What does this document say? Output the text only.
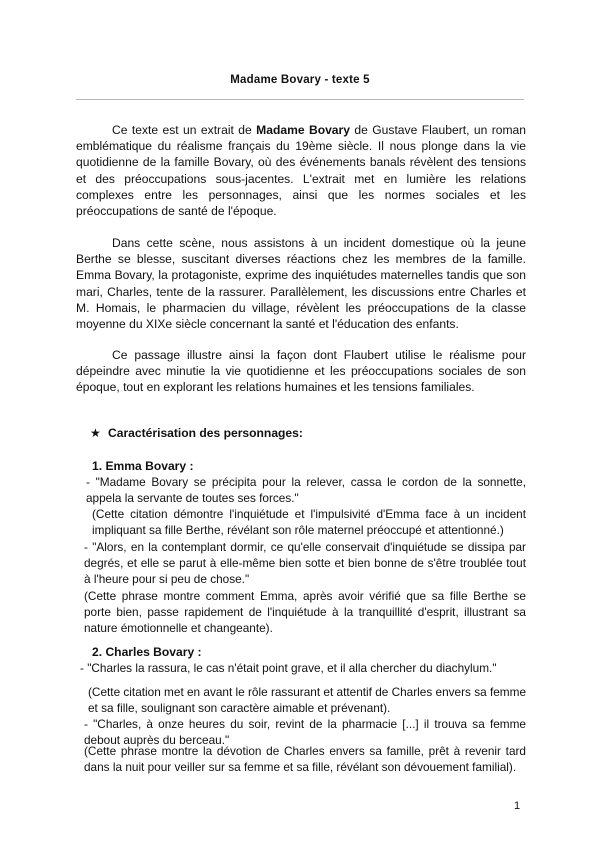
Madame Bovary - texte 5

Ce texte est un extrait de Madame Bovary de Gustave Flaubert, un roman emblématique du réalisme français du 19ème siècle. Il nous plonge dans la vie quotidienne de la famille Bovary, où des événements banals révèlent des tensions et des préoccupations sous-jacentes. L'extrait met en lumière les relations complexes entre les personnages, ainsi que les normes sociales et les préoccupations de santé de l'époque.

Dans cette scène, nous assistons à un incident domestique où la jeune Berthe se blesse, suscitant diverses réactions chez les membres de la famille. Emma Bovary, la protagoniste, exprime des inquiétudes maternelles tandis que son mari, Charles, tente de la rassurer. Parallèlement, les discussions entre Charles et M. Homais, le pharmacien du village, révèlent les préoccupations de la classe moyenne du XIXe siècle concernant la santé et l'éducation des enfants.

Ce passage illustre ainsi la façon dont Flaubert utilise le réalisme pour dépeindre avec minutie la vie quotidienne et les préoccupations sociales de son époque, tout en explorant les relations humaines et les tensions familiales.

★ Caractérisation des personnages:
1. Emma Bovary :

- "Madame Bovary se précipita pour la relever, cassa le cordon de la sonnette, appela la servante de toutes ses forces."

(Cette citation démontre l'inquiétude et l'impulsivité d'Emma face à un incident impliquant sa fille Berthe, révélant son rôle maternel préoccupé et attentionné.)

- "Alors, en la contemplant dormir, ce qu'elle conservait d'inquiétude se dissipa par degrés, et elle se parut à elle-même bien sotte et bien bonne de s'être troublée tout à l'heure pour si peu de chose."

(Cette phrase montre comment Emma, après avoir vérifié que sa fille Berthe se porte bien, passe rapidement de l'inquiétude à la tranquillité d'esprit, illustrant sa nature émotionnelle et changeante).

2. Charles Bovary :

- "Charles la rassura, le cas n'était point grave, et il alla chercher du diachylum."

(Cette citation met en avant le rôle rassurant et attentif de Charles envers sa femme et sa fille, soulignant son caractère aimable et prévenant).

- "Charles, à onze heures du soir, revint de la pharmacie [...] il trouva sa femme debout auprès du berceau."

(Cette phrase montre la dévotion de Charles envers sa famille, prêt à revenir tard dans la nuit pour veiller sur sa femme et sa fille, révélant son dévouement familial).

1
